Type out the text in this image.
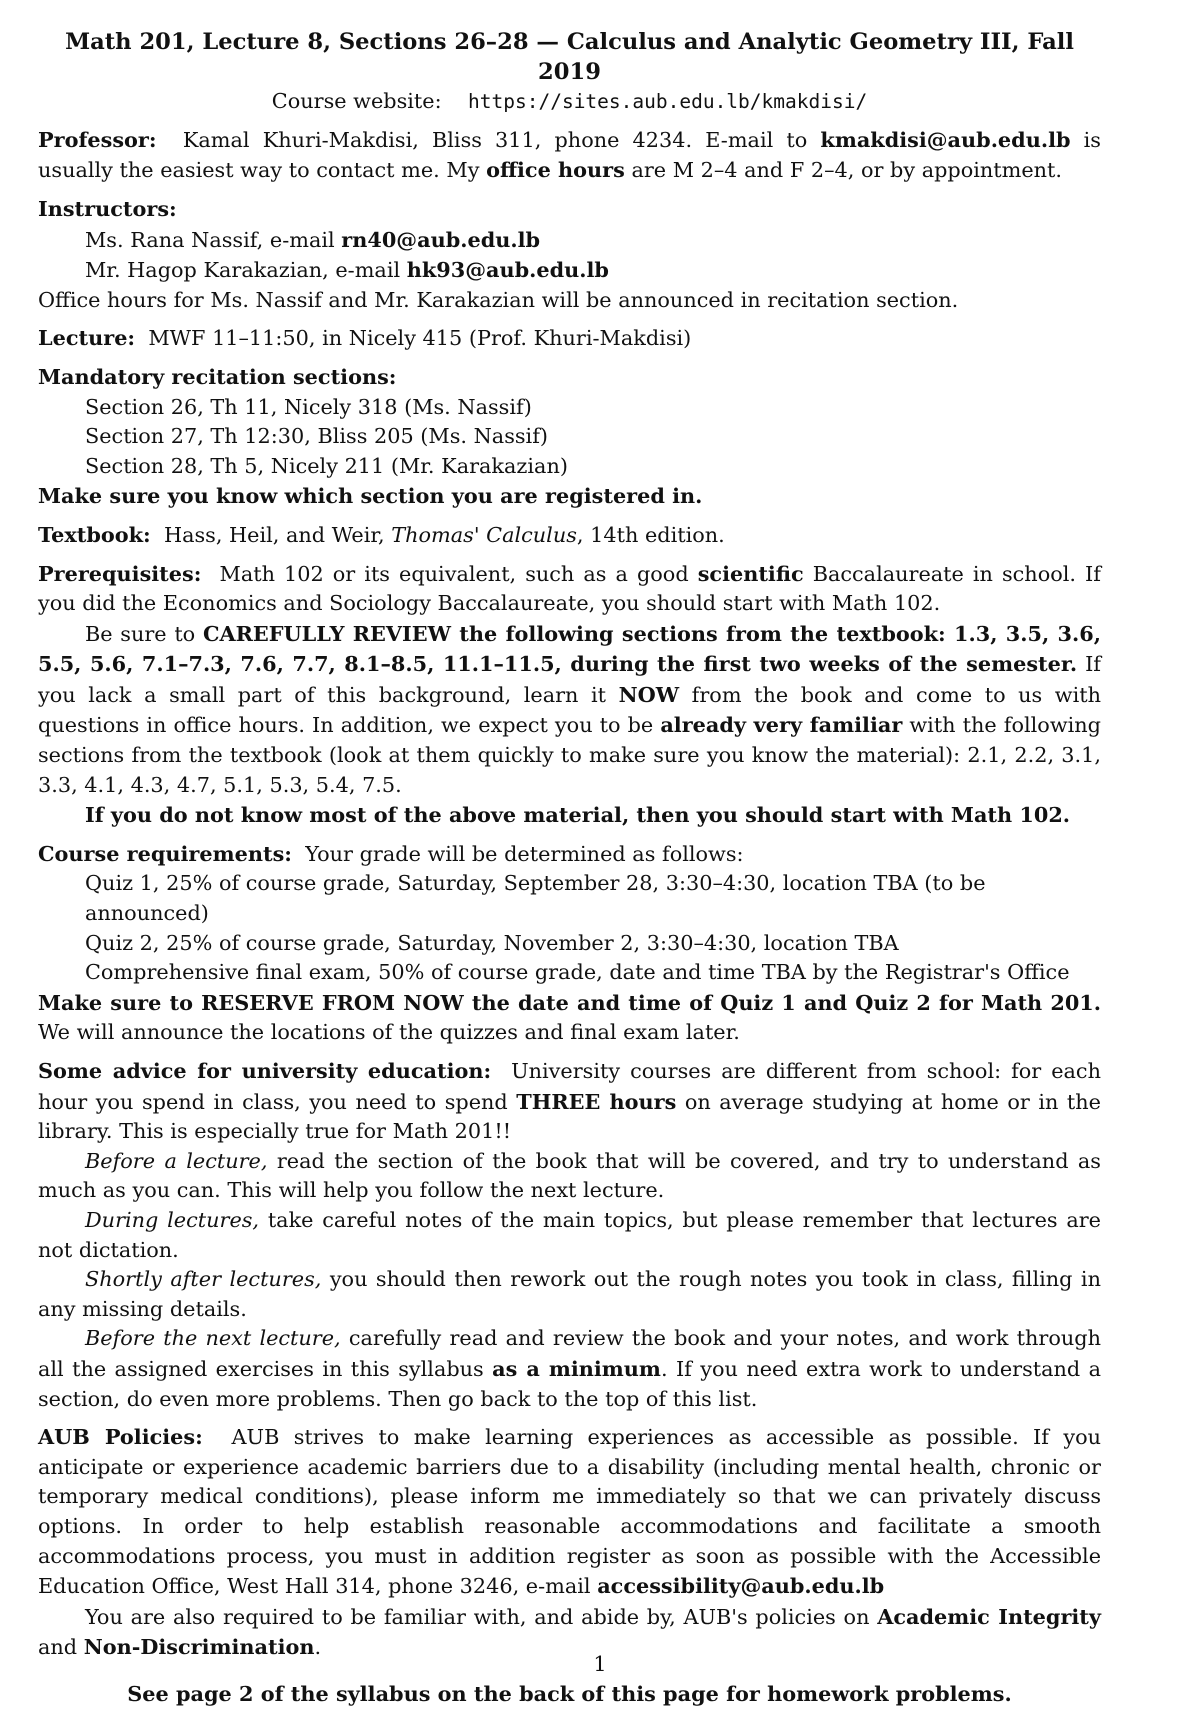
Math 201, Lecture 8, Sections 26–28 — Calculus and Analytic Geometry III, Fall 2019
Course website: https://sites.aub.edu.lb/kmakdisi/

Professor: Kamal Khuri-Makdisi, Bliss 311, phone 4234. E-mail to kmakdisi@aub.edu.lb is usually the easiest way to contact me. My office hours are M 2–4 and F 2–4, or by appointment.

Instructors:
Ms. Rana Nassif, e-mail rn40@aub.edu.lb
Mr. Hagop Karakazian, e-mail hk93@aub.edu.lb
Office hours for Ms. Nassif and Mr. Karakazian will be announced in recitation section.

Lecture: MWF 11–11:50, in Nicely 415 (Prof. Khuri-Makdisi)

Mandatory recitation sections:
Section 26, Th 11, Nicely 318 (Ms. Nassif)
Section 27, Th 12:30, Bliss 205 (Ms. Nassif)
Section 28, Th 5, Nicely 211 (Mr. Karakazian)
Make sure you know which section you are registered in.

Textbook: Hass, Heil, and Weir, Thomas' Calculus, 14th edition.

Prerequisites: Math 102 or its equivalent, such as a good scientific Baccalaureate in school. If you did the Economics and Sociology Baccalaureate, you should start with Math 102.

Be sure to CAREFULLY REVIEW the following sections from the textbook: 1.3, 3.5, 3.6, 5.5, 5.6, 7.1–7.3, 7.6, 7.7, 8.1–8.5, 11.1–11.5, during the first two weeks of the semester. If you lack a small part of this background, learn it NOW from the book and come to us with questions in office hours. In addition, we expect you to be already very familiar with the following sections from the textbook (look at them quickly to make sure you know the material): 2.1, 2.2, 3.1, 3.3, 4.1, 4.3, 4.7, 5.1, 5.3, 5.4, 7.5.

If you do not know most of the above material, then you should start with Math 102.

Course requirements: Your grade will be determined as follows:
Quiz 1, 25% of course grade, Saturday, September 28, 3:30–4:30, location TBA (to be announced)
Quiz 2, 25% of course grade, Saturday, November 2, 3:30–4:30, location TBA
Comprehensive final exam, 50% of course grade, date and time TBA by the Registrar's Office

Make sure to RESERVE FROM NOW the date and time of Quiz 1 and Quiz 2 for Math 201. We will announce the locations of the quizzes and final exam later.

Some advice for university education: University courses are different from school: for each hour you spend in class, you need to spend THREE hours on average studying at home or in the library. This is especially true for Math 201!!

Before a lecture, read the section of the book that will be covered, and try to understand as much as you can. This will help you follow the next lecture.

During lectures, take careful notes of the main topics, but please remember that lectures are not dictation.

Shortly after lectures, you should then rework out the rough notes you took in class, filling in any missing details.

Before the next lecture, carefully read and review the book and your notes, and work through all the assigned exercises in this syllabus as a minimum. If you need extra work to understand a section, do even more problems. Then go back to the top of this list.

AUB Policies: AUB strives to make learning experiences as accessible as possible. If you anticipate or experience academic barriers due to a disability (including mental health, chronic or temporary medical conditions), please inform me immediately so that we can privately discuss options. In order to help establish reasonable accommodations and facilitate a smooth accommodations process, you must in addition register as soon as possible with the Accessible Education Office, West Hall 314, phone 3246, e-mail accessibility@aub.edu.lb

You are also required to be familiar with, and abide by, AUB's policies on Academic Integrity and Non-Discrimination.

See page 2 of the syllabus on the back of this page for homework problems.

1
